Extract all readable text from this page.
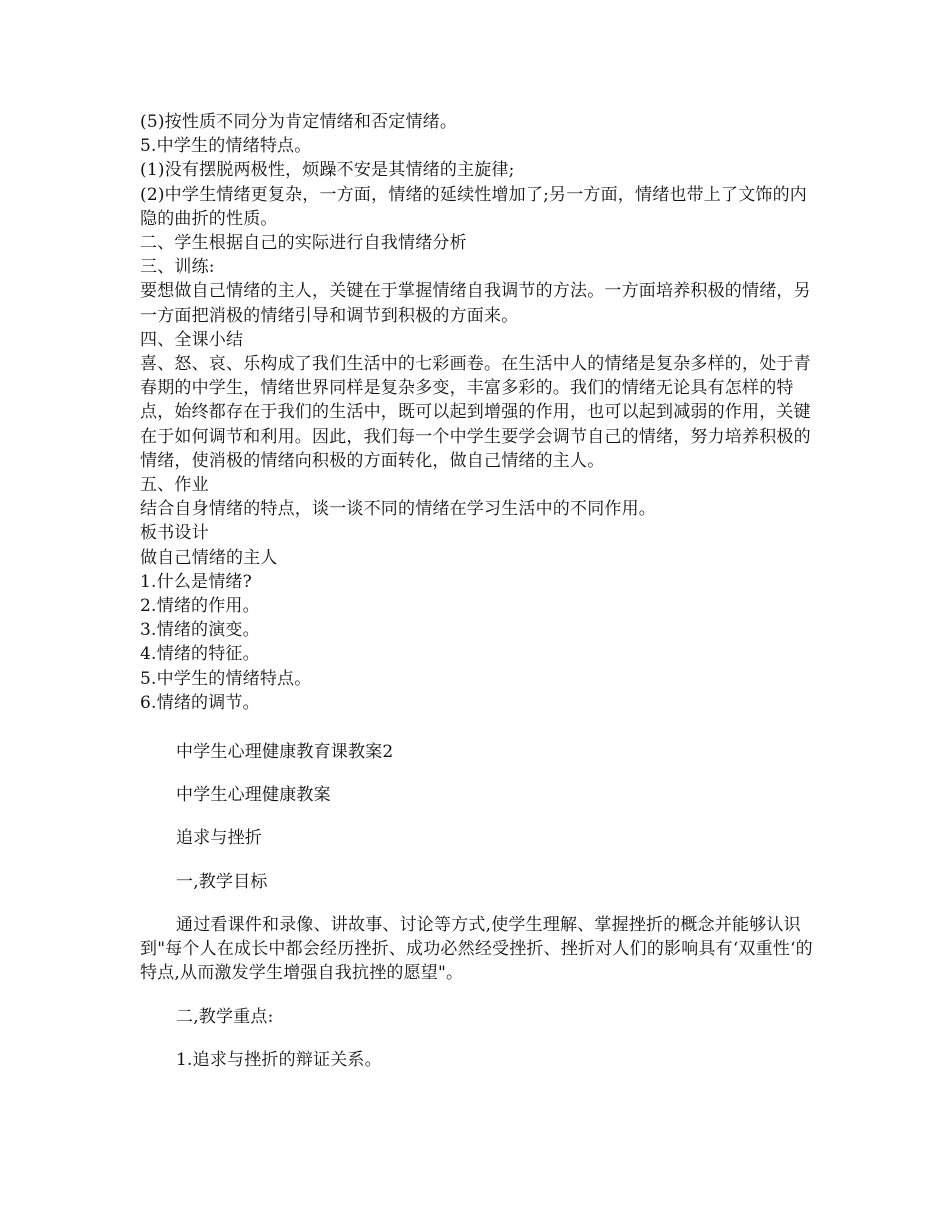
(5)按性质不同分为肯定情绪和否定情绪。

5.中学生的情绪特点。

(1)没有摆脱两极性，烦躁不安是其情绪的主旋律;

(2)中学生情绪更复杂，一方面，情绪的延续性增加了;另一方面，情绪也带上了文饰的内隐的曲折的性质。

二、学生根据自己的实际进行自我情绪分析

三、训练:

要想做自己情绪的主人，关键在于掌握情绪自我调节的方法。一方面培养积极的情绪，另一方面把消极的情绪引导和调节到积极的方面来。

四、全课小结

喜、怒、哀、乐构成了我们生活中的七彩画卷。在生活中人的情绪是复杂多样的，处于青春期的中学生，情绪世界同样是复杂多变，丰富多彩的。我们的情绪无论具有怎样的特点，始终都存在于我们的生活中，既可以起到增强的作用，也可以起到减弱的作用，关键在于如何调节和利用。因此，我们每一个中学生要学会调节自己的情绪，努力培养积极的情绪，使消极的情绪向积极的方面转化，做自己情绪的主人。

五、作业

结合自身情绪的特点，谈一谈不同的情绪在学习生活中的不同作用。

板书设计

做自己情绪的主人

1.什么是情绪?

2.情绪的作用。

3.情绪的演变。

4.情绪的特征。

5.中学生的情绪特点。

6.情绪的调节。

中学生心理健康教育课教案2

中学生心理健康教案

追求与挫折

一,教学目标

通过看课件和录像、讲故事、讨论等方式,使学生理解、掌握挫折的概念并能够认识到"每个人在成长中都会经历挫折、成功必然经受挫折、挫折对人们的影响具有‘双重性‘的特点,从而激发学生增强自我抗挫的愿望"。

二,教学重点:

1.追求与挫折的辩证关系。
